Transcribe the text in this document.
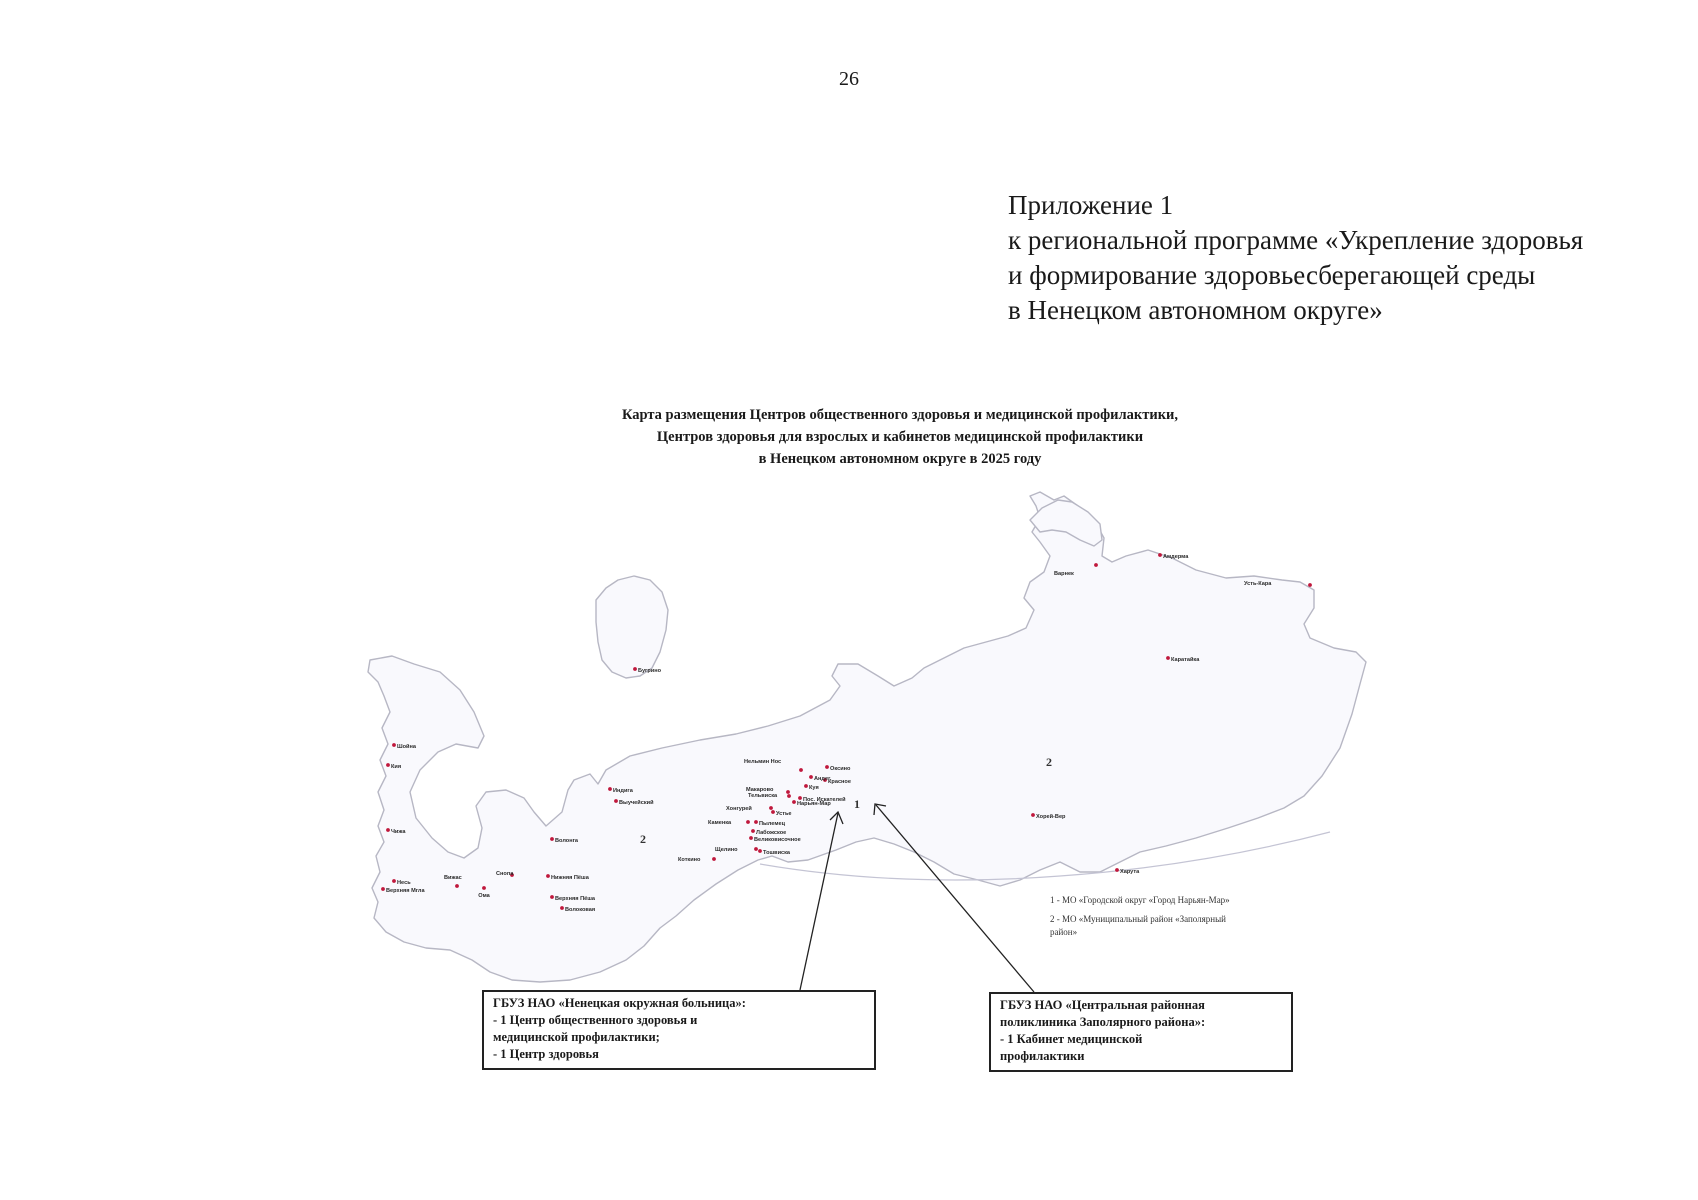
26
Приложение 1
к региональной программе «Укрепление здоровья
и формирование здоровьесберегающей среды
в Ненецком автономном округе»
Карта размещения Центров общественного здоровья и медицинской профилактики,
Центров здоровья для взрослых и кабинетов медицинской профилактики
в Ненецком автономном округе в 2025 году
Амдерма
Варнек
Усть-Кара
Каратайка
Бугрино
Шойна
Кия
Нельмин Нос
Оксино
Андег
Красное
Куя
Макарово
Тельвиска
Пос. Искателей
Нарьян-Мар
Индига
Выучейский
Хонгурей
Устье
Каменка	Пылемец
Лабожское
Великовисочное
Чижа
Волонга
Щелино
Коткино
Тошвиска
Хорей-Вер
Харута
Несь
Верхняя Мгла
Вижас
Ома
Снопа
Нижняя Пёша
Верхняя Пёша
Волоковая
1
2
2
1 - МО «Городской округ «Город Нарьян-Мар»
2 - МО «Муниципальный район «Заполярный
район»
ГБУЗ НАО «Ненецкая окружная больница»:
- 1 Центр общественного здоровья и
медицинской профилактики;
- 1 Центр здоровья
ГБУЗ НАО «Центральная районная
поликлиника Заполярного района»:
- 1 Кабинет медицинской
профилактики
